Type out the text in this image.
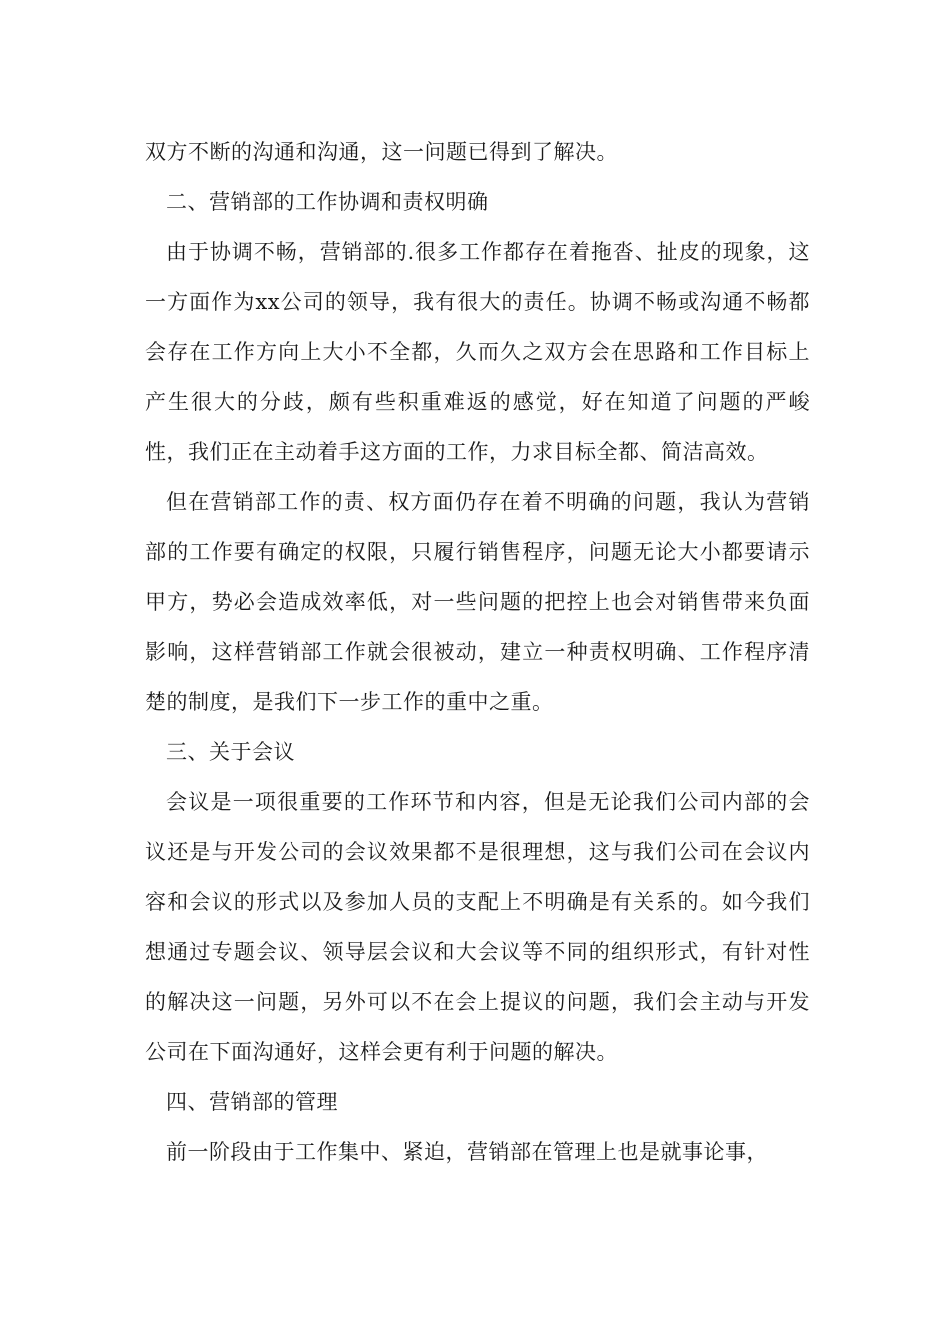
双方不断的沟通和沟通，这一问题已得到了解决。

二、营销部的工作协调和责权明确

由于协调不畅，营销部的.很多工作都存在着拖沓、扯皮的现象，这一方面作为xx公司的领导，我有很大的责任。协调不畅或沟通不畅都会存在工作方向上大小不全都，久而久之双方会在思路和工作目标上产生很大的分歧，颇有些积重难返的感觉，好在知道了问题的严峻性，我们正在主动着手这方面的工作，力求目标全都、简洁高效。

但在营销部工作的责、权方面仍存在着不明确的问题，我认为营销部的工作要有确定的权限，只履行销售程序，问题无论大小都要请示甲方，势必会造成效率低，对一些问题的把控上也会对销售带来负面影响，这样营销部工作就会很被动，建立一种责权明确、工作程序清楚的制度，是我们下一步工作的重中之重。

三、关于会议

会议是一项很重要的工作环节和内容，但是无论我们公司内部的会议还是与开发公司的会议效果都不是很理想，这与我们公司在会议内容和会议的形式以及参加人员的支配上不明确是有关系的。如今我们想通过专题会议、领导层会议和大会议等不同的组织形式，有针对性的解决这一问题，另外可以不在会上提议的问题，我们会主动与开发公司在下面沟通好，这样会更有利于问题的解决。

四、营销部的管理

前一阶段由于工作集中、紧迫，营销部在管理上也是就事论事，
